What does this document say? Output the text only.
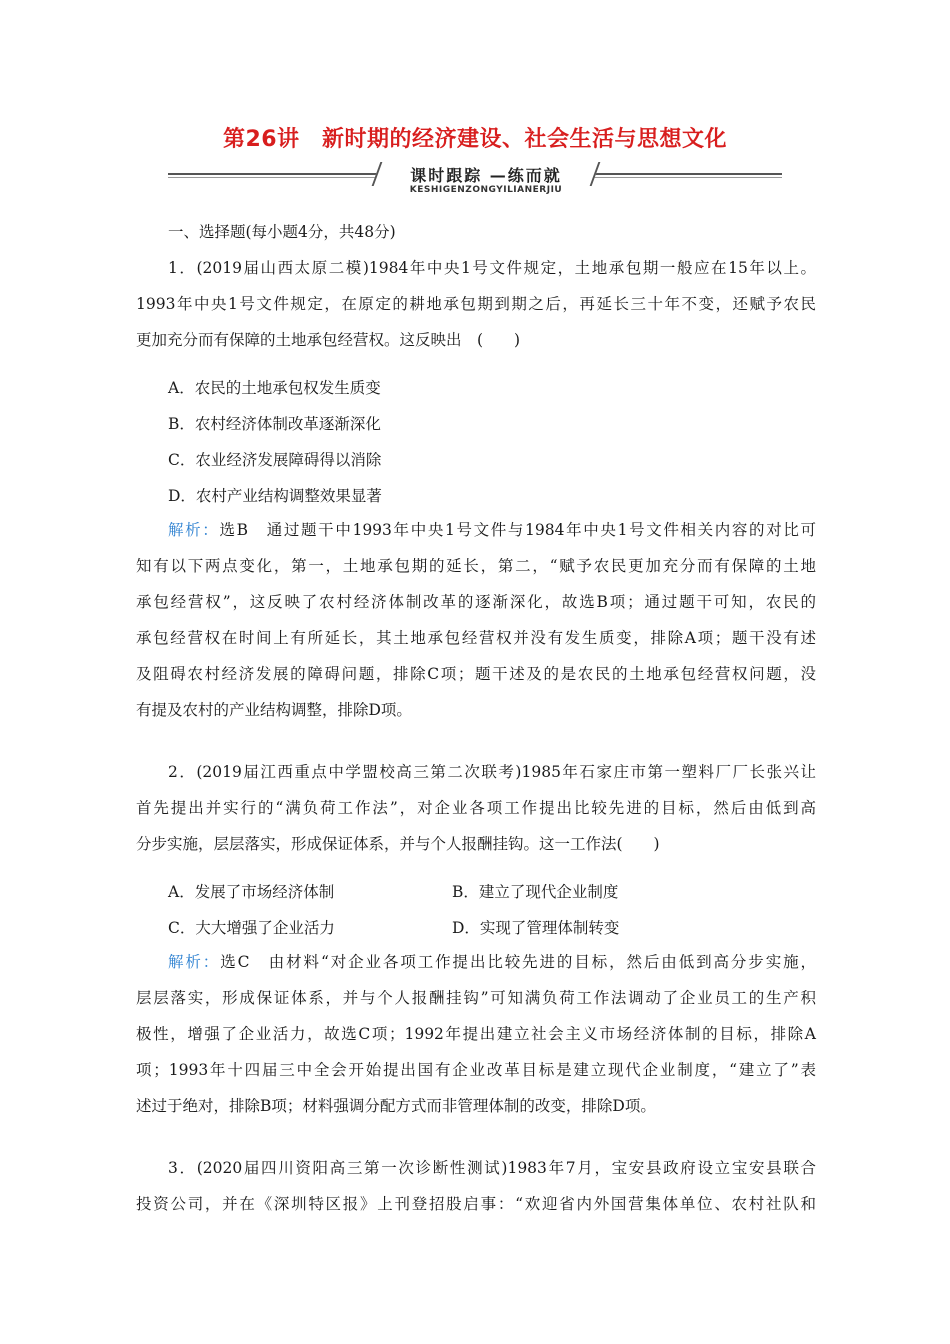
第26讲　新时期的经济建设、社会生活与思想文化
课时跟踪 —练而就
KESHIGENZONGYILIANERJIU
一、选择题(每小题4分，共48分)
1．(2019届山西太原二模)1984年中央1号文件规定，土地承包期一般应在15年以上。
1993年中央1号文件规定，在原定的耕地承包期到期之后，再延长三十年不变，还赋予农民
更加充分而有保障的土地承包经营权。这反映出　(　　)
A．农民的土地承包权发生质变
B．农村经济体制改革逐渐深化
C．农业经济发展障碍得以消除
D．农村产业结构调整效果显著
解析：选B　通过题干中1993年中央1号文件与1984年中央1号文件相关内容的对比可
知有以下两点变化，第一，土地承包期的延长，第二，“赋予农民更加充分而有保障的土地
承包经营权”，这反映了农村经济体制改革的逐渐深化，故选B项；通过题干可知，农民的
承包经营权在时间上有所延长，其土地承包经营权并没有发生质变，排除A项；题干没有述
及阻碍农村经济发展的障碍问题，排除C项；题干述及的是农民的土地承包经营权问题，没
有提及农村的产业结构调整，排除D项。
2．(2019届江西重点中学盟校高三第二次联考)1985年石家庄市第一塑料厂厂长张兴让
首先提出并实行的“满负荷工作法”，对企业各项工作提出比较先进的目标，然后由低到高
分步实施，层层落实，形成保证体系，并与个人报酬挂钩。这一工作法(　　)
A．发展了市场经济体制	B．建立了现代企业制度
C．大大增强了企业活力	D．实现了管理体制转变
解析：选C　由材料“对企业各项工作提出比较先进的目标，然后由低到高分步实施，
层层落实，形成保证体系，并与个人报酬挂钩”可知满负荷工作法调动了企业员工的生产积
极性，增强了企业活力，故选C项；1992年提出建立社会主义市场经济体制的目标，排除A
项；1993年十四届三中全会开始提出国有企业改革目标是建立现代企业制度，“建立了”表
述过于绝对，排除B项；材料强调分配方式而非管理体制的改变，排除D项。
3．(2020届四川资阳高三第一次诊断性测试)1983年7月，宝安县政府设立宝安县联合
投资公司，并在《深圳特区报》上刊登招股启事：“欢迎省内外国营集体单位、农村社队和
